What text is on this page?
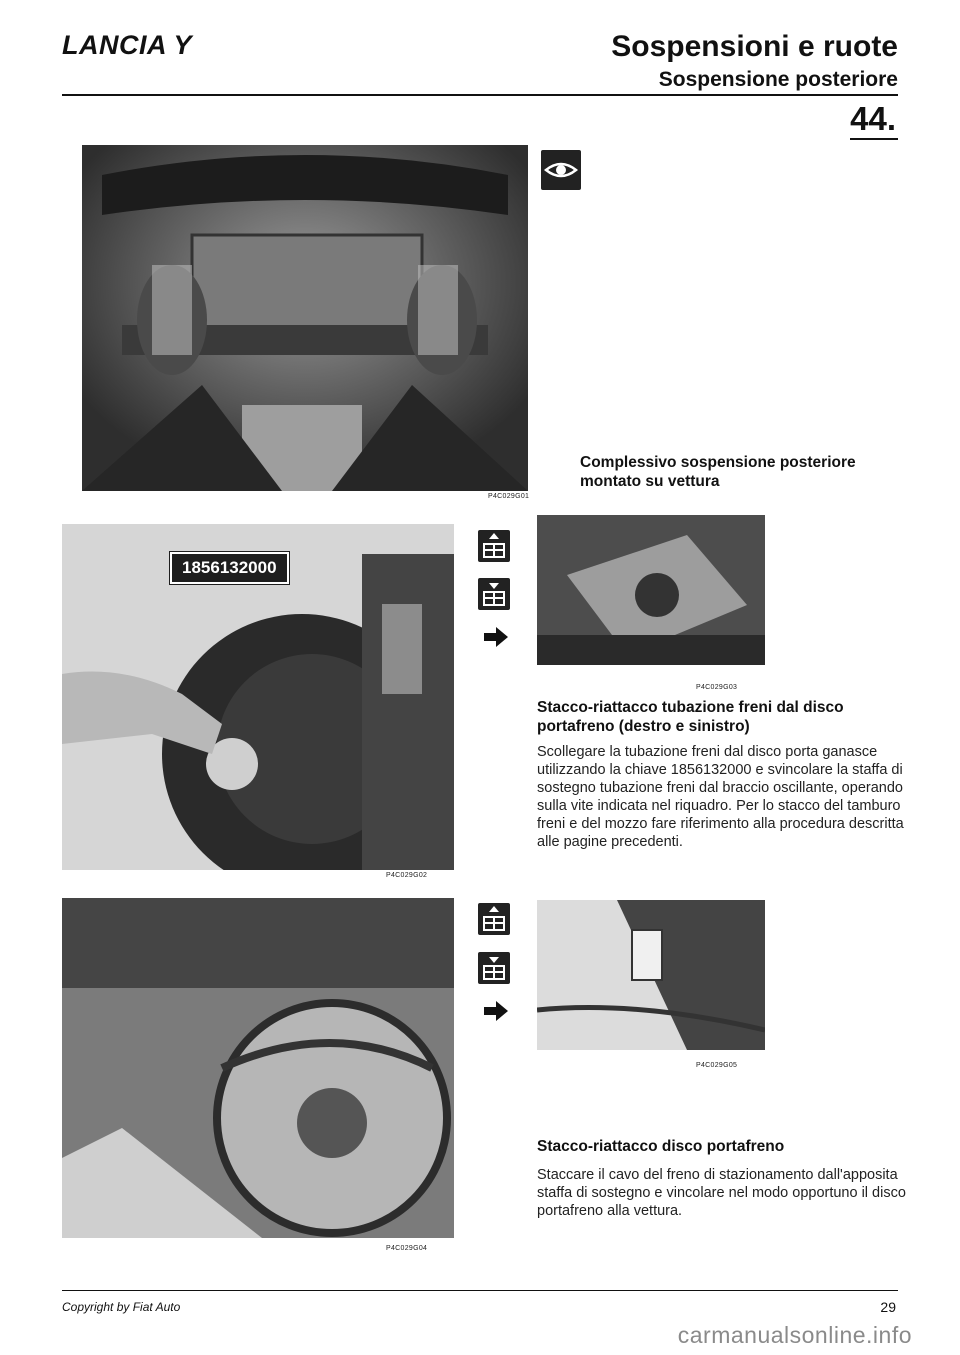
LANCIA Y	Sospensioni e ruote
Sospensione posteriore
44.
P4C029G01
Complessivo sospensione posteriore montato su vettura
1856132000
P4C029G02
P4C029G03
Stacco-riattacco tubazione freni dal disco portafreno (destro e sinistro)
Scollegare la tubazione freni dal disco porta ganasce utilizzando la chiave 1856132000 e svincolare la staffa di sostegno tubazione freni dal braccio oscillante, operando sulla vite indicata nel riquadro. Per lo stacco del tamburo freni e del mozzo fare riferimento alla procedura descritta alle pagine precedenti.
P4C029G04
P4C029G05
Stacco-riattacco disco portafreno
Staccare il cavo del freno di stazionamento dall'apposita staffa di sostegno e vincolare nel modo opportuno il disco portafreno alla vettura.
Copyright by Fiat Auto	29
carmanualsonline.info
